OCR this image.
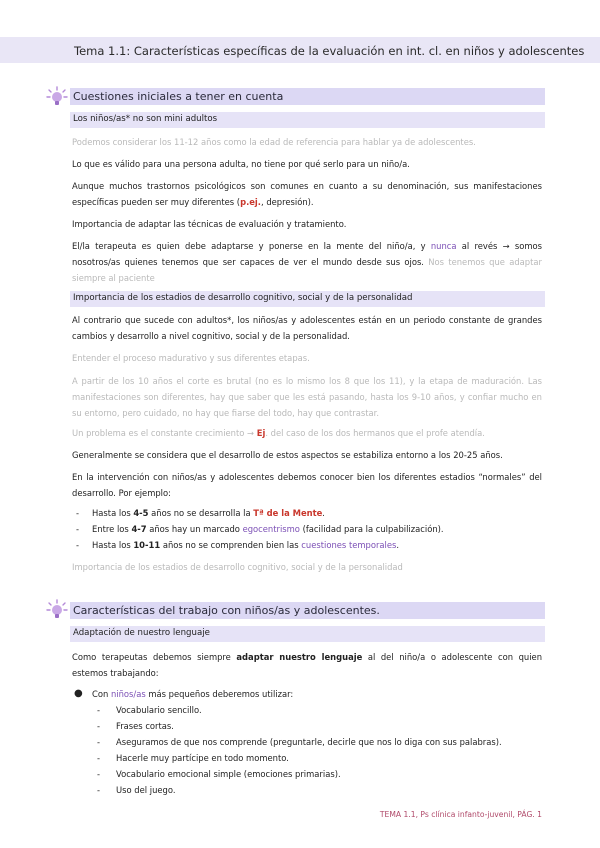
Tema 1.1: Características específicas de la evaluación en int. cl. en niños y adolescentes
Cuestiones iniciales a tener en cuenta
Los niños/as* no son mini adultos
Podemos considerar los 11-12 años como la edad de referencia para hablar ya de adolescentes.
Lo que es válido para una persona adulta, no tiene por qué serlo para un niño/a.
Aunque muchos trastornos psicológicos son comunes en cuanto a su denominación, sus manifestaciones específicas pueden ser muy diferentes (p.ej., depresión).
Importancia de adaptar las técnicas de evaluación y tratamiento.
El/la terapeuta es quien debe adaptarse y ponerse en la mente del niño/a, y nunca al revés → somos nosotros/as quienes tenemos que ser capaces de ver el mundo desde sus ojos. Nos tenemos que adaptar siempre al paciente
Importancia de los estadios de desarrollo cognitivo, social y de la personalidad
Al contrario que sucede con adultos*, los niños/as y adolescentes están en un periodo constante de grandes cambios y desarrollo a nivel cognitivo, social y de la personalidad.
Entender el proceso madurativo y sus diferentes etapas.
A partir de los 10 años el corte es brutal (no es lo mismo los 8 que los 11), y la etapa de maduración. Las manifestaciones son diferentes, hay que saber que les está pasando, hasta los 9-10 años, y confiar mucho en su entorno, pero cuidado, no hay que fiarse del todo, hay que contrastar.
Un problema es el constante crecimiento → Ej. del caso de los dos hermanos que el profe atendía.
Generalmente se considera que el desarrollo de estos aspectos se estabiliza entorno a los 20-25 años.
En la intervención con niños/as y adolescentes debemos conocer bien los diferentes estadios “normales” del desarrollo. Por ejemplo:
- Hasta los 4-5 años no se desarrolla la Tª de la Mente.
- Entre los 4-7 años hay un marcado egocentrismo (facilidad para la culpabilización).
- Hasta los 10-11 años no se comprenden bien las cuestiones temporales.
Importancia de los estadios de desarrollo cognitivo, social y de la personalidad
Características del trabajo con niños/as y adolescentes.
Adaptación de nuestro lenguaje
Como terapeutas debemos siempre adaptar nuestro lenguaje al del niño/a o adolescente con quien estemos trabajando:
● Con niños/as más pequeños deberemos utilizar:
- Vocabulario sencillo.
- Frases cortas.
- Aseguramos de que nos comprende (preguntarle, decirle que nos lo diga con sus palabras).
- Hacerle muy partícipe en todo momento.
- Vocabulario emocional simple (emociones primarias).
- Uso del juego.
TEMA 1.1, Ps clínica infanto-juvenil, PÁG. 1
